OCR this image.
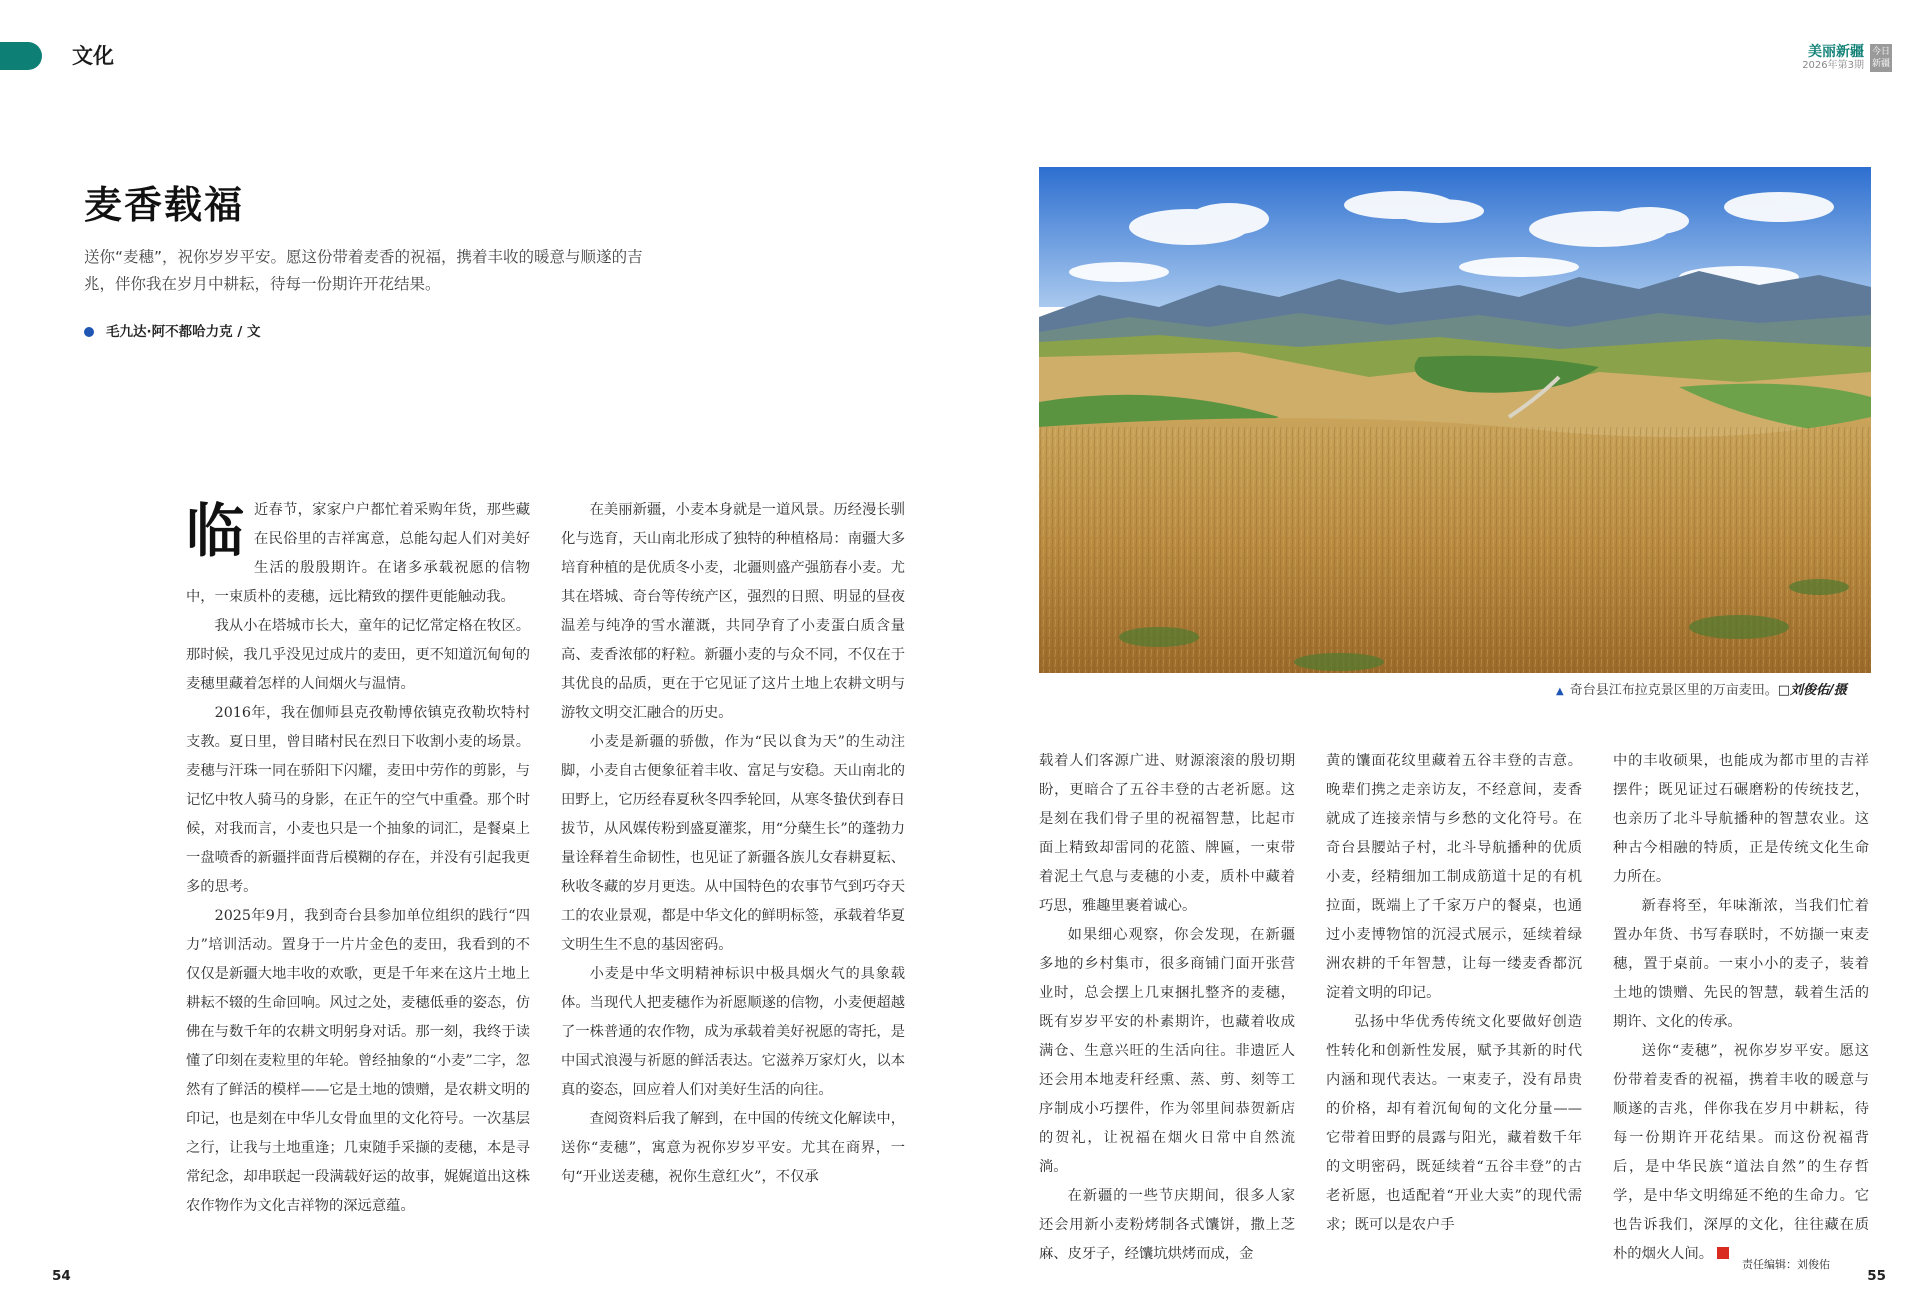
文化	美丽新疆
2026年第3期
今日新疆
麦香载福

送你“麦穗”，祝你岁岁平安。愿这份带着麦香的祝福，携着丰收的暖意与顺遂的吉兆，伴你我在岁月中耕耘，待每一份期许开花结果。

毛九达·阿不都哈力克 / 文

临近春节，家家户户都忙着采购年货，那些藏在民俗里的吉祥寓意，总能勾起人们对美好生活的殷殷期许。在诸多承载祝愿的信物中，一束质朴的麦穗，远比精致的摆件更能触动我。

我从小在塔城市长大，童年的记忆常定格在牧区。那时候，我几乎没见过成片的麦田，更不知道沉甸甸的麦穗里藏着怎样的人间烟火与温情。

2016年，我在伽师县克孜勒博依镇克孜勒坎特村支教。夏日里，曾目睹村民在烈日下收割小麦的场景。麦穗与汗珠一同在骄阳下闪耀，麦田中劳作的剪影，与记忆中牧人骑马的身影，在正午的空气中重叠。那个时候，对我而言，小麦也只是一个抽象的词汇，是餐桌上一盘喷香的新疆拌面背后模糊的存在，并没有引起我更多的思考。

2025年9月，我到奇台县参加单位组织的践行“四力”培训活动。置身于一片片金色的麦田，我看到的不仅仅是新疆大地丰收的欢歌，更是千年来在这片土地上耕耘不辍的生命回响。风过之处，麦穗低垂的姿态，仿佛在与数千年的农耕文明躬身对话。那一刻，我终于读懂了印刻在麦粒里的年轮。曾经抽象的“小麦”二字，忽然有了鲜活的模样——它是土地的馈赠，是农耕文明的印记，也是刻在中华儿女骨血里的文化符号。一次基层之行，让我与土地重逢；几束随手采撷的麦穗，本是寻常纪念，却串联起一段满载好运的故事，娓娓道出这株农作物作为文化吉祥物的深远意蕴。

在美丽新疆，小麦本身就是一道风景。历经漫长驯化与选育，天山南北形成了独特的种植格局：南疆大多培育种植的是优质冬小麦，北疆则盛产强筋春小麦。尤其在塔城、奇台等传统产区，强烈的日照、明显的昼夜温差与纯净的雪水灌溉，共同孕育了小麦蛋白质含量高、麦香浓郁的籽粒。新疆小麦的与众不同，不仅在于其优良的品质，更在于它见证了这片土地上农耕文明与游牧文明交汇融合的历史。

小麦是新疆的骄傲，作为“民以食为天”的生动注脚，小麦自古便象征着丰收、富足与安稳。天山南北的田野上，它历经春夏秋冬四季轮回，从寒冬蛰伏到春日拔节，从风媒传粉到盛夏灌浆，用“分蘖生长”的蓬勃力量诠释着生命韧性，也见证了新疆各族儿女春耕夏耘、秋收冬藏的岁月更迭。从中国特色的农事节气到巧夺天工的农业景观，都是中华文化的鲜明标签，承载着华夏文明生生不息的基因密码。

小麦是中华文明精神标识中极具烟火气的具象载体。当现代人把麦穗作为祈愿顺遂的信物，小麦便超越了一株普通的农作物，成为承载着美好祝愿的寄托，是中国式浪漫与祈愿的鲜活表达。它滋养万家灯火，以本真的姿态，回应着人们对美好生活的向往。

查阅资料后我了解到，在中国的传统文化解读中，送你“麦穗”，寓意为祝你岁岁平安。尤其在商界，一句“开业送麦穗，祝你生意红火”，不仅承

▲ 奇台县江布拉克景区里的万亩麦田。□刘俊佑/摄

载着人们客源广进、财源滚滚的殷切期盼，更暗合了五谷丰登的古老祈愿。这是刻在我们骨子里的祝福智慧，比起市面上精致却雷同的花篮、牌匾，一束带着泥土气息与麦穗的小麦，质朴中藏着巧思，雅趣里裹着诚心。

如果细心观察，你会发现，在新疆多地的乡村集市，很多商铺门面开张营业时，总会摆上几束捆扎整齐的麦穗，既有岁岁平安的朴素期许，也藏着收成满仓、生意兴旺的生活向往。非遗匠人还会用本地麦秆经熏、蒸、剪、刻等工序制成小巧摆件，作为邻里间恭贺新店的贺礼，让祝福在烟火日常中自然流淌。

在新疆的一些节庆期间，很多人家还会用新小麦粉烤制各式馕饼，撒上芝麻、皮牙子，经馕坑烘烤而成，金

黄的馕面花纹里藏着五谷丰登的吉意。晚辈们携之走亲访友，不经意间，麦香就成了连接亲情与乡愁的文化符号。在奇台县腰站子村，北斗导航播种的优质小麦，经精细加工制成筋道十足的有机拉面，既端上了千家万户的餐桌，也通过小麦博物馆的沉浸式展示，延续着绿洲农耕的千年智慧，让每一缕麦香都沉淀着文明的印记。

弘扬中华优秀传统文化要做好创造性转化和创新性发展，赋予其新的时代内涵和现代表达。一束麦子，没有昂贵的价格，却有着沉甸甸的文化分量——它带着田野的晨露与阳光，藏着数千年的文明密码，既延续着“五谷丰登”的古老祈愿，也适配着“开业大卖”的现代需求；既可以是农户手

中的丰收硕果，也能成为都市里的吉祥摆件；既见证过石碾磨粉的传统技艺，也亲历了北斗导航播种的智慧农业。这种古今相融的特质，正是传统文化生命力所在。

新春将至，年味渐浓，当我们忙着置办年货、书写春联时，不妨撷一束麦穗，置于桌前。一束小小的麦子，装着土地的馈赠、先民的智慧，载着生活的期许、文化的传承。

送你“麦穗”，祝你岁岁平安。愿这份带着麦香的祝福，携着丰收的暖意与顺遂的吉兆，伴你我在岁月中耕耘，待每一份期许开花结果。而这份祝福背后，是中华民族“道法自然”的生存哲学，是中华文明绵延不绝的生命力。它也告诉我们，深厚的文化，往往藏在质朴的烟火人间。

责任编辑：刘俊佑
54	55
